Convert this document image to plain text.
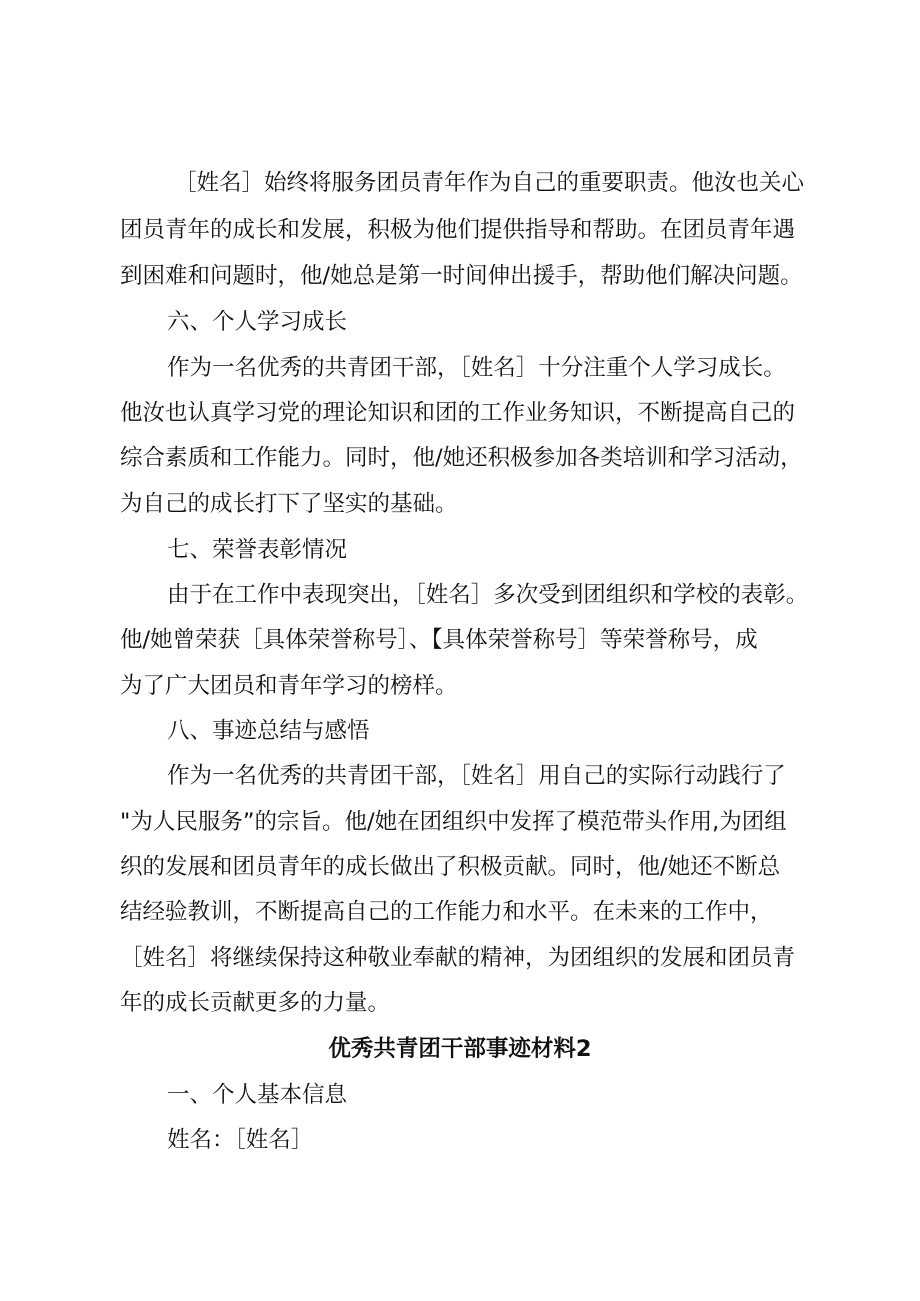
［姓名］始终将服务团员青年作为自己的重要职责。他汝也关心
团员青年的成长和发展，积极为他们提供指导和帮助。在团员青年遇
到困难和问题时，他/她总是第一时间伸出援手，帮助他们解决问题。
六、个人学习成长
作为一名优秀的共青团干部，［姓名］十分注重个人学习成长。
他汝也认真学习党的理论知识和团的工作业务知识，不断提高自己的
综合素质和工作能力。同时，他/她还积极参加各类培训和学习活动，
为自己的成长打下了坚实的基础。
七、荣誉表彰情况
由于在工作中表现突出，［姓名］多次受到团组织和学校的表彰。
他/她曾荣获［具体荣誉称号］、【具体荣誉称号］等荣誉称号，成
为了广大团员和青年学习的榜样。
八、事迹总结与感悟
作为一名优秀的共青团干部，［姓名］用自己的实际行动践行了
"为人民服务”的宗旨。他/她在团组织中发挥了模范带头作用,为团组
织的发展和团员青年的成长做出了积极贡献。同时，他/她还不断总
结经验教训，不断提高自己的工作能力和水平。在未来的工作中，
［姓名］将继续保持这种敬业奉献的精神，为团组织的发展和团员青
年的成长贡献更多的力量。
优秀共青团干部事迹材料2
一、个人基本信息
姓名：［姓名］
